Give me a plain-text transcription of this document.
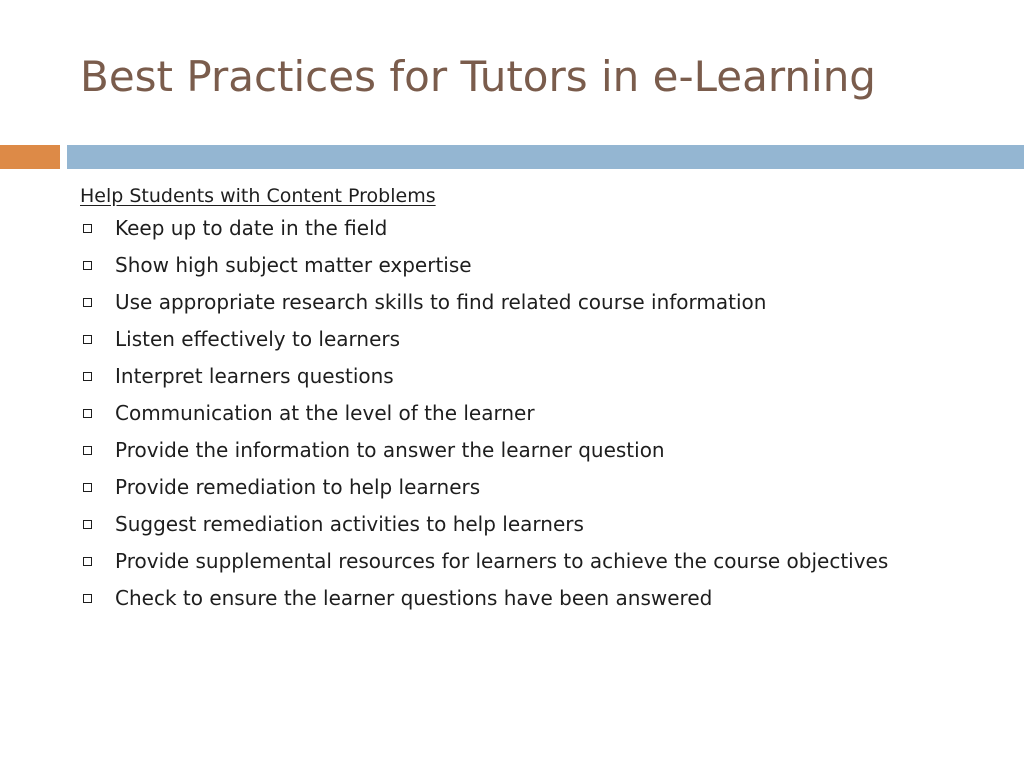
Best Practices for Tutors in e-Learning

Help Students with Content Problems

Keep up to date in the field
Show high subject matter expertise
Use appropriate research skills to find related course information
Listen effectively to learners
Interpret learners questions
Communication at the level of the learner
Provide the information to answer the learner question
Provide remediation to help learners
Suggest remediation activities to help learners
Provide supplemental resources for learners to achieve the course objectives
Check to ensure the learner questions have been answered
